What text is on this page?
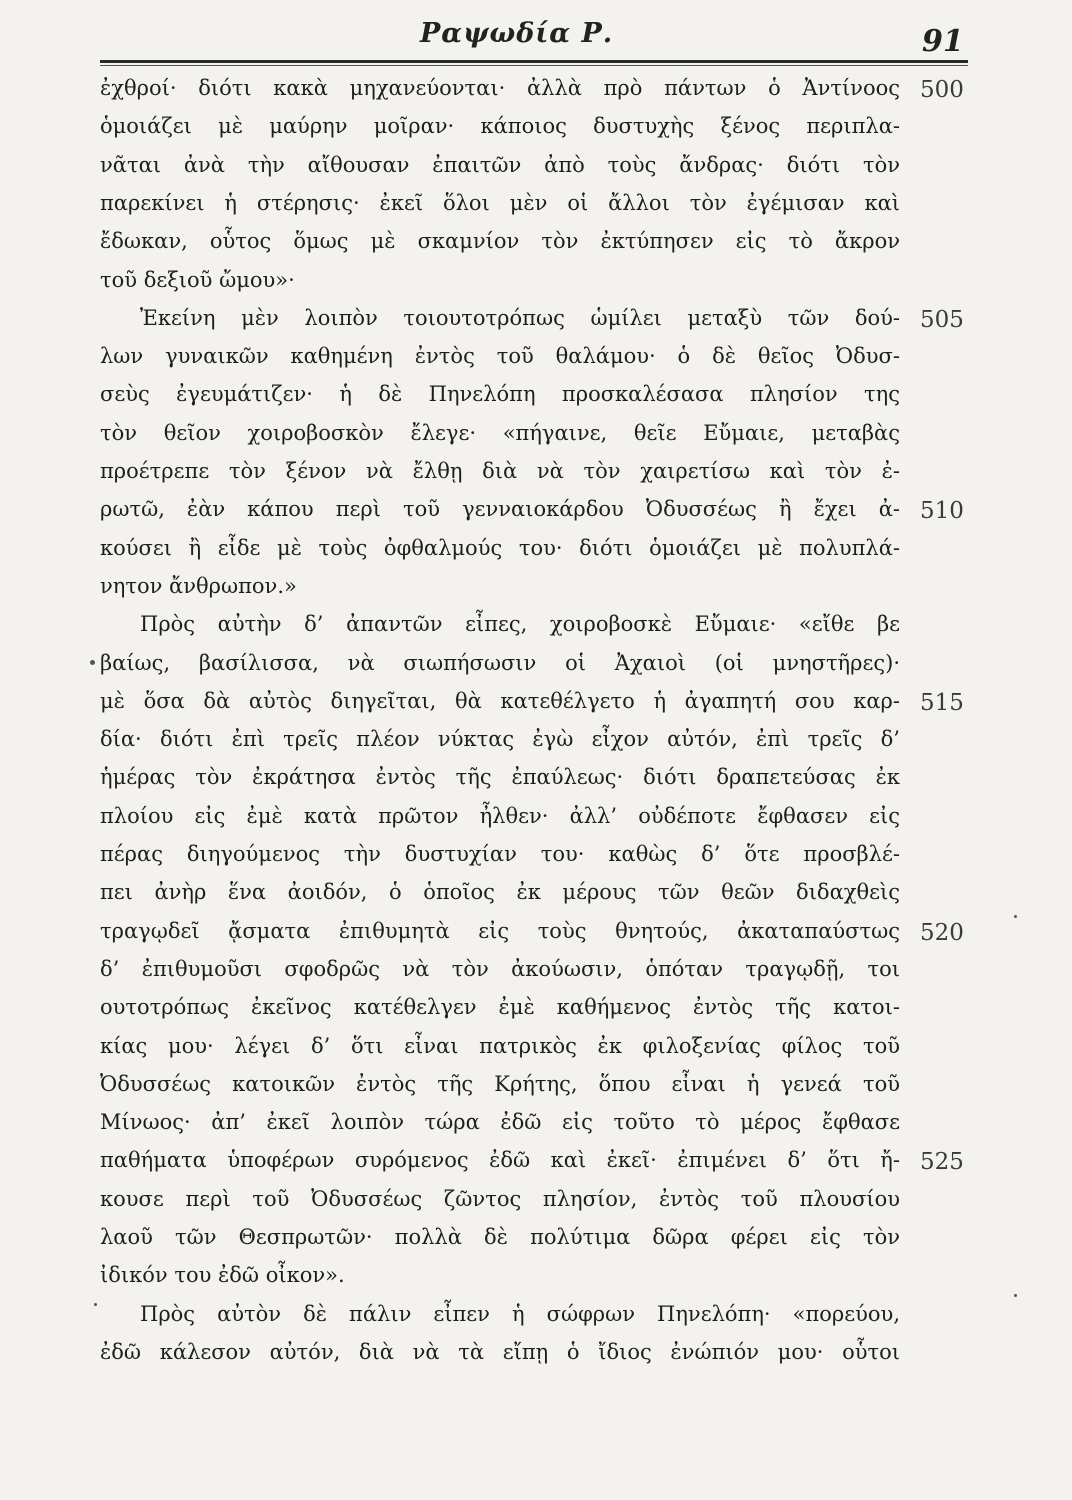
Ραψωδία Ρ.	91
ἐχθροί· διότι κακὰ μηχανεύονται· ἀλλὰ πρὸ πάντων ὁ Ἀντίνοος
ὁμοιάζει μὲ μαύρην μοῖραν· κάποιος δυστυχὴς ξένος περιπλα-
νᾶται ἀνὰ τὴν αἴθουσαν ἐπαιτῶν ἀπὸ τοὺς ἄνδρας· διότι τὸν
παρεκίνει ἡ στέρησις· ἐκεῖ ὅλοι μὲν οἱ ἄλλοι τὸν ἐγέμισαν καὶ
ἔδωκαν, οὗτος ὅμως μὲ σκαμνίον τὸν ἐκτύπησεν εἰς τὸ ἄκρον
τοῦ δεξιοῦ ὤμου»·
Ἐκείνη μὲν λοιπὸν τοιουτοτρόπως ὡμίλει μεταξὺ τῶν δού-
λων γυναικῶν καθημένη ἐντὸς τοῦ θαλάμου· ὁ δὲ θεῖος Ὀδυσ-
σεὺς ἐγευμάτιζεν· ἡ δὲ Πηνελόπη προσκαλέσασα πλησίον της
τὸν θεῖον χοιροβοσκὸν ἔλεγε· «πήγαινε, θεῖε Εὔμαιε, μεταβὰς
προέτρεπε τὸν ξένον νὰ ἔλθῃ διὰ νὰ τὸν χαιρετίσω καὶ τὸν ἐ-
ρωτῶ, ἐὰν κάπου περὶ τοῦ γενναιοκάρδου Ὀδυσσέως ἢ ἔχει ἀ-
κούσει ἢ εἶδε μὲ τοὺς ὀφθαλμούς του· διότι ὁμοιάζει μὲ πολυπλά-
νητον ἄνθρωπον.»
Πρὸς αὐτὴν δ’ ἀπαντῶν εἶπες, χοιροβοσκὲ Εὔμαιε· «εἴθε βε
βαίως, βασίλισσα, νὰ σιωπήσωσιν οἱ Ἀχαιοὶ (οἱ μνηστῆρες)·
μὲ ὅσα δὰ αὐτὸς διηγεῖται, θὰ κατεθέλγετο ἡ ἀγαπητή σου καρ-
δία· διότι ἐπὶ τρεῖς πλέον νύκτας ἐγὼ εἶχον αὐτόν, ἐπὶ τρεῖς δ’
ἡμέρας τὸν ἐκράτησα ἐντὸς τῆς ἐπαύλεως· διότι δραπετεύσας ἐκ
πλοίου εἰς ἐμὲ κατὰ πρῶτον ἦλθεν· ἀλλ’ οὐδέποτε ἔφθασεν εἰς
πέρας διηγούμενος τὴν δυστυχίαν του· καθὼς δ’ ὅτε προσβλέ-
πει ἀνὴρ ἕνα ἀοιδόν, ὁ ὁποῖος ἐκ μέρους τῶν θεῶν διδαχθεὶς
τραγῳδεῖ ᾄσματα ἐπιθυμητὰ εἰς τοὺς θνητούς, ἀκαταπαύστως
δ’ ἐπιθυμοῦσι σφοδρῶς νὰ τὸν ἀκούωσιν, ὁπόταν τραγῳδῇ, τοι
ουτοτρόπως ἐκεῖνος κατέθελγεν ἐμὲ καθήμενος ἐντὸς τῆς κατοι-
κίας μου· λέγει δ’ ὅτι εἶναι πατρικὸς ἐκ φιλοξενίας φίλος τοῦ
Ὀδυσσέως κατοικῶν ἐντὸς τῆς Κρήτης, ὅπου εἶναι ἡ γενεά τοῦ
Μίνωος· ἀπ’ ἐκεῖ λοιπὸν τώρα ἐδῶ εἰς τοῦτο τὸ μέρος ἔφθασε
παθήματα ὑποφέρων συρόμενος ἐδῶ καὶ ἐκεῖ· ἐπιμένει δ’ ὅτι ἤ-
κουσε περὶ τοῦ Ὀδυσσέως ζῶντος πλησίον, ἐντὸς τοῦ πλουσίου
λαοῦ τῶν Θεσπρωτῶν· πολλὰ δὲ πολύτιμα δῶρα φέρει εἰς τὸν
ἰδικόν του ἐδῶ οἶκον».
Πρὸς αὐτὸν δὲ πάλιν εἶπεν ἡ σώφρων Πηνελόπη· «πορεύου,
ἐδῶ κάλεσον αὐτόν, διὰ νὰ τὰ εἴπῃ ὁ ἴδιος ἐνώπιόν μου· οὗτοι
500
505
510
515
520
525
